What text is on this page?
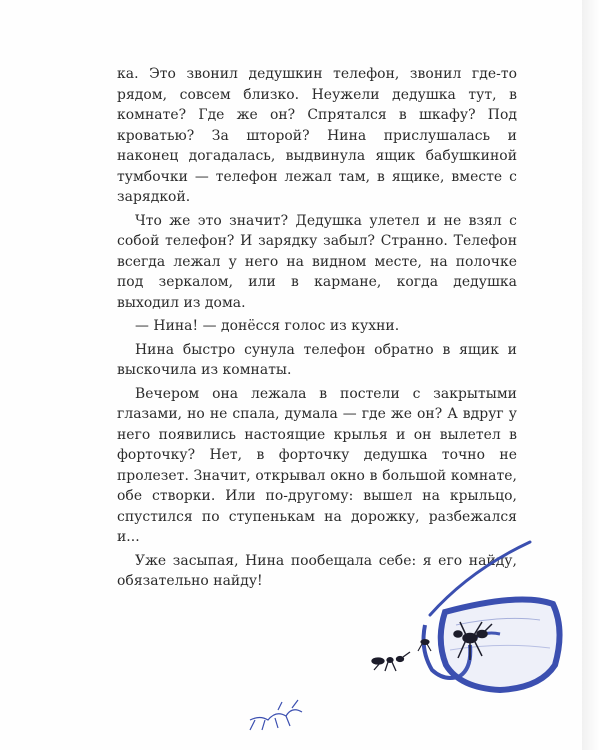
ка. Это звонил дедушкин телефон, звонил где-то рядом, совсем близко. Неужели дедушка тут, в комнате? Где же он? Спрятался в шкафу? Под кроватью? За шторой? Нина прислушалась и наконец догадалась, выдвинула ящик бабушкиной тумбочки — телефон лежал там, в ящике, вместе с зарядкой.

Что же это значит? Дедушка улетел и не взял с собой телефон? И зарядку забыл? Странно. Телефон всегда лежал у него на видном месте, на полочке под зеркалом, или в кармане, когда дедушка выходил из дома.

— Нина! — донёсся голос из кухни.

Нина быстро сунула телефон обратно в ящик и выскочила из комнаты.

Вечером она лежала в постели с закрытыми глазами, но не спала, думала — где же он? А вдруг у него появились настоящие крылья и он вылетел в форточку? Нет, в форточку дедушка точно не пролезет. Значит, открывал окно в большой комнате, обе створки. Или по-другому: вышел на крыльцо, спустился по ступенькам на дорожку, разбежался и...

Уже засыпая, Нина пообещала себе: я его найду, обязательно найду!
